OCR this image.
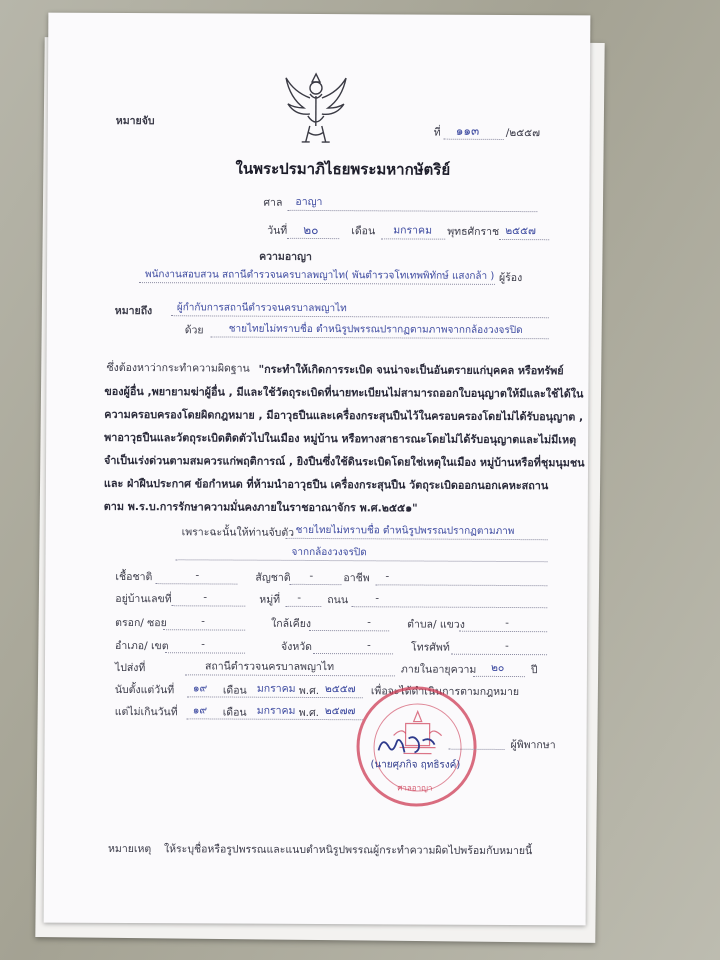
หมายจับ
ที่ ๑๑๓	/๒๕๕๗
ในพระปรมาภิไธยพระมหากษัตริย์
ศาล อาญา
วันที่ ๒๐	เดือน มกราคม พุทธศักราช ๒๕๕๗
ความอาญา
พนักงานสอบสวน สถานีตำรวจนครบาลพญาไท( พันตำรวจโทเทพพิทักษ์ แสงกล้า ) ผู้ร้อง
หมายถึง ผู้กำกับการสถานีตำรวจนครบาลพญาไท
ด้วย	ชายไทยไม่ทราบชื่อ ตำหนิรูปพรรณปรากฏตามภาพจากกล้องวงจรปิด
ซึ่งต้องหาว่ากระทำความผิดฐาน "กระทำให้เกิดการระเบิด จนน่าจะเป็นอันตรายแก่บุคคล หรือทรัพย์
ของผู้อื่น ,พยายามฆ่าผู้อื่น , มีและใช้วัตถุระเบิดที่นายทะเบียนไม่สามารถออกใบอนุญาตให้มีและใช้ได้ใน
ความครอบครองโดยผิดกฎหมาย , มีอาวุธปืนและเครื่องกระสุนปืนไว้ในครอบครองโดยไม่ได้รับอนุญาต ,
พาอาวุธปืนและวัตถุระเบิดติดตัวไปในเมือง หมู่บ้าน หรือทางสาธารณะโดยไม่ได้รับอนุญาตและไม่มีเหตุ
จำเป็นเร่งด่วนตามสมควรแก่พฤติการณ์ , ยิงปืนซึ่งใช้ดินระเบิดโดยใช่เหตุในเมือง หมู่บ้านหรือที่ชุมนุมชน
และ ฝ่าฝืนประกาศ ข้อกำหนด ที่ห้ามนำอาวุธปืน เครื่องกระสุนปืน วัตถุระเบิดออกนอกเคหะสถาน
ตาม พ.ร.บ.การรักษาความมั่นคงภายในราชอาณาจักร พ.ศ.๒๕๕๑"
เพราะฉะนั้นให้ท่านจับตัว ชายไทยไม่ทราบชื่อ ตำหนิรูปพรรณปรากฏตามภาพ
จากกล้องวงจรปิด
เชื้อชาติ	-	สัญชาติ -	อาชีพ -
อยู่บ้านเลขที่	-	หมู่ที่ - ถนน	-
ตรอก/ ซอย	-	ใกล้เคียง	-	ตำบล/ แขวง	-
อำเภอ/ เขต	-	จังหวัด	-	โทรศัพท์	-
ไปส่งที่	สถานีตำรวจนครบาลพญาไท	ภายในอายุความ ๒๐	ปี
นับตั้งแต่วันที่ ๑๙ เดือน มกราคม พ.ศ. ๒๕๕๗ เพื่อจะได้ดำเนินการตามกฎหมาย
แต่ไม่เกินวันที่ ๑๙ เดือน มกราคม พ.ศ. ๒๕๗๗
ศาลอาญา
ผู้พิพากษา
(นายศุภกิจ ฤทธิรงค์)
หมายเหตุ ให้ระบุชื่อหรือรูปพรรณและแนบตำหนิรูปพรรณผู้กระทำความผิดไปพร้อมกับหมายนี้
